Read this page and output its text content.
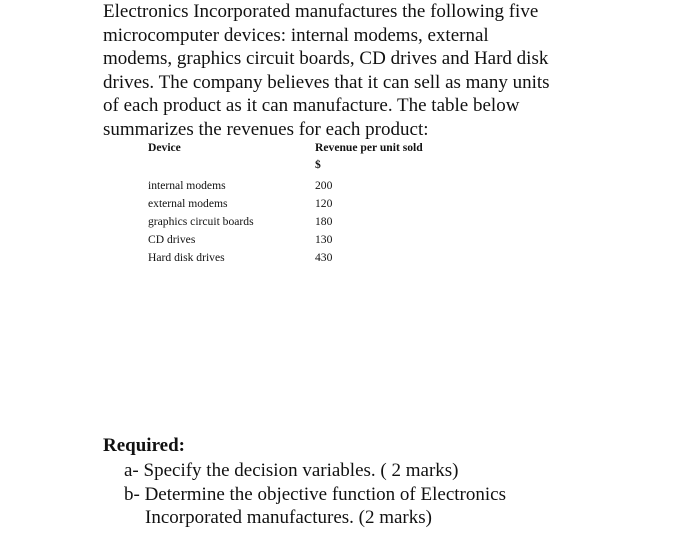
Electronics Incorporated manufactures the following five
microcomputer devices: internal modems, external
modems, graphics circuit boards, CD drives and Hard disk
drives. The company believes that it can sell as many units
of each product as it can manufacture. The table below
summarizes the revenues for each product:
Device	Revenue per unit sold
$
internal modems	200
external modems	120
graphics circuit boards	180
CD drives	130
Hard disk drives	430

Required:

a- Specify the decision variables. ( 2 marks)
b- Determine the objective function of Electronics
Incorporated manufactures. (2 marks)
